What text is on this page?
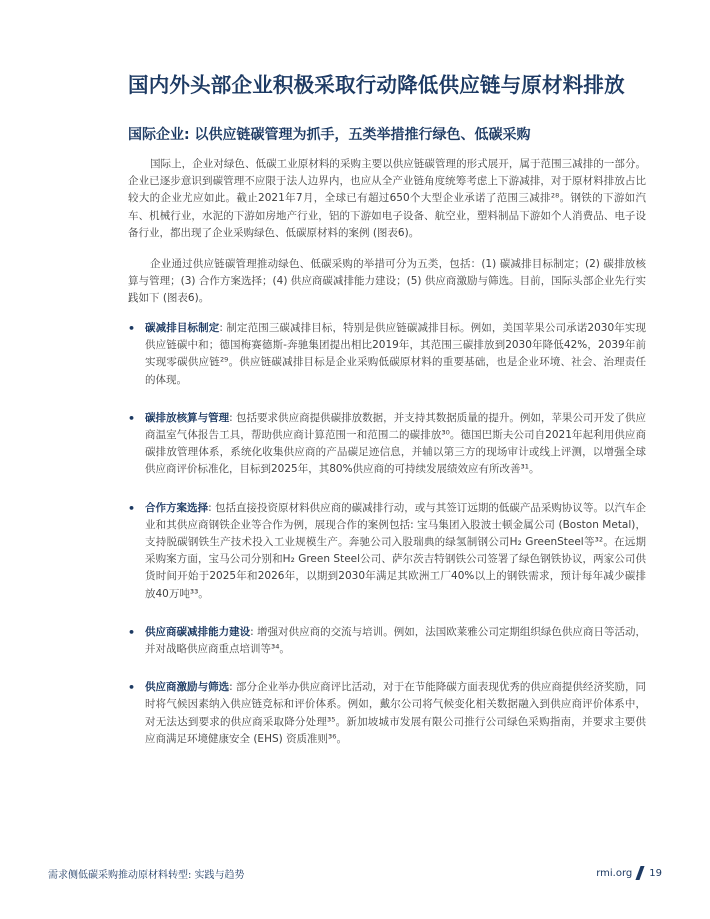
国内外头部企业积极采取行动降低供应链与原材料排放
国际企业: 以供应链碳管理为抓手，五类举措推行绿色、低碳采购

国际上，企业对绿色、低碳工业原材料的采购主要以供应链碳管理的形式展开，属于范围三减排的一部分。企业已逐步意识到碳管理不应限于法人边界内，也应从全产业链角度统筹考虑上下游减排，对于原材料排放占比较大的企业尤应如此。截止2021年7月，全球已有超过650个大型企业承诺了范围三减排²⁸。钢铁的下游如汽车、机械行业，水泥的下游如房地产行业，铝的下游如电子设备、航空业，塑料制品下游如个人消费品、电子设备行业，都出现了企业采购绿色、低碳原材料的案例 (图表6)。

企业通过供应链碳管理推动绿色、低碳采购的举措可分为五类，包括：(1) 碳减排目标制定；(2) 碳排放核算与管理；(3) 合作方案选择；(4) 供应商碳减排能力建设；(5) 供应商激励与筛选。目前，国际头部企业先行实践如下 (图表6)。

• 碳减排目标制定: 制定范围三碳减排目标，特别是供应链碳减排目标。例如，美国苹果公司承诺2030年实现供应链碳中和；德国梅赛德斯-奔驰集团提出相比2019年，其范围三碳排放到2030年降低42%，2039年前实现零碳供应链²⁹。供应链碳减排目标是企业采购低碳原材料的重要基础，也是企业环境、社会、治理责任的体现。
• 碳排放核算与管理: 包括要求供应商提供碳排放数据，并支持其数据质量的提升。例如，苹果公司开发了供应商温室气体报告工具，帮助供应商计算范围一和范围二的碳排放³⁰。德国巴斯夫公司自2021年起利用供应商碳排放管理体系，系统化收集供应商的产品碳足迹信息，并辅以第三方的现场审计或线上评测，以增强全球供应商评价标准化，目标到2025年，其80%供应商的可持续发展绩效应有所改善³¹。
• 合作方案选择: 包括直接投资原材料供应商的碳减排行动，或与其签订远期的低碳产品采购协议等。以汽车企业和其供应商钢铁企业等合作为例，展现合作的案例包括: 宝马集团入股波士顿金属公司 (Boston Metal)，支持脱碳钢铁生产技术投入工业规模生产。奔驰公司入股瑞典的绿氢制钢公司H₂ GreenSteel等³²。在远期采购案方面，宝马公司分别和H₂ Green Steel公司、萨尔茨吉特钢铁公司签署了绿色钢铁协议，两家公司供货时间开始于2025年和2026年，以期到2030年满足其欧洲工厂40%以上的钢铁需求，预计每年减少碳排放40万吨³³。
• 供应商碳减排能力建设: 增强对供应商的交流与培训。例如，法国欧莱雅公司定期组织绿色供应商日等活动，并对战略供应商重点培训等³⁴。
• 供应商激励与筛选: 部分企业举办供应商评比活动，对于在节能降碳方面表现优秀的供应商提供经济奖励，同时将气候因素纳入供应链竞标和评价体系。例如，戴尔公司将气候变化相关数据融入到供应商评价体系中，对无法达到要求的供应商采取降分处理³⁵。新加坡城市发展有限公司推行公司绿色采购指南，并要求主要供应商满足环境健康安全 (EHS) 资质准则³⁶。
需求侧低碳采购推动原材料转型: 实践与趋势	rmi.org 19
